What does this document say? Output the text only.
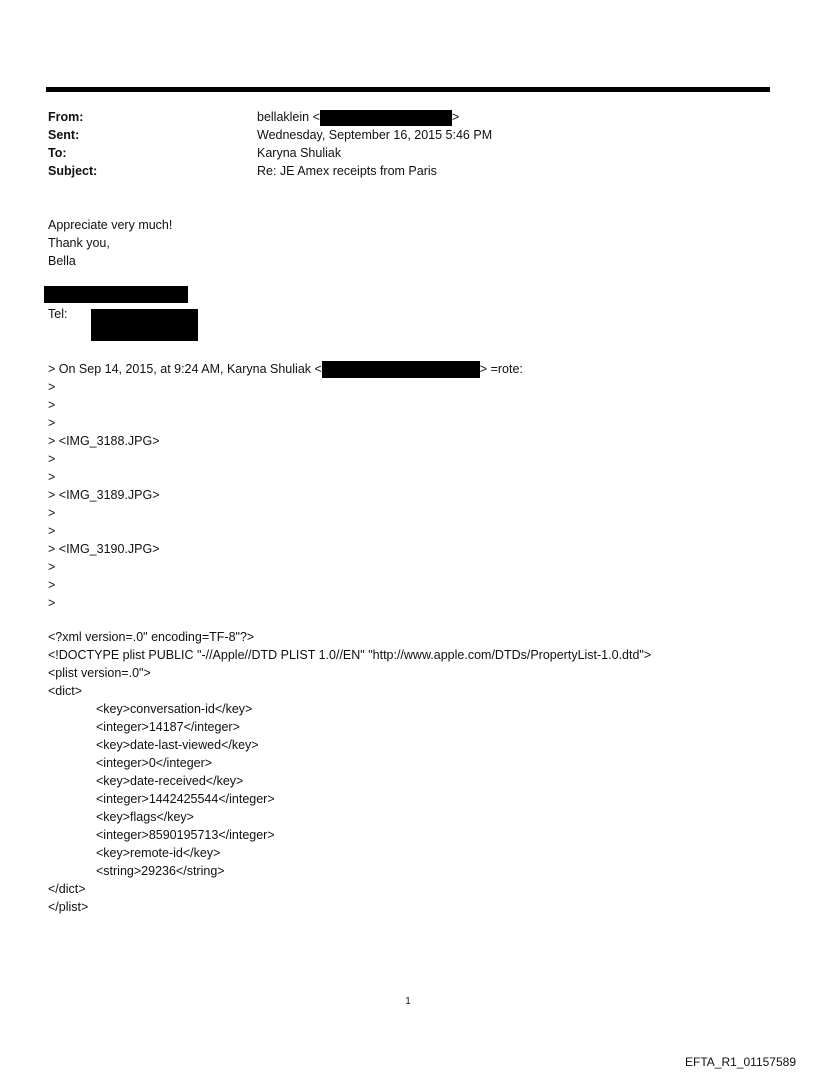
From:	bellaklein <	>
Sent:	Wednesday, September 16, 2015 5:46 PM
To:	Karyna Shuliak
Subject:	Re: JE Amex receipts from Paris
Appreciate very much!
Thank you,
Bella
Tel:
> On Sep 14, 2015, at 9:24 AM, Karyna Shuliak <	> =rote:
>
>
>
> <IMG_3188.JPG>
>
>
> <IMG_3189.JPG>
>
>
> <IMG_3190.JPG>
>
>
>
<?xml version=.0" encoding=TF-8"?>
<!DOCTYPE plist PUBLIC "-//Apple//DTD PLIST 1.0//EN" "http://www.apple.com/DTDs/PropertyList-1.0.dtd">
<plist version=.0">
<dict>
<key>conversation-id</key>
<integer>14187</integer>
<key>date-last-viewed</key>
<integer>0</integer>
<key>date-received</key>
<integer>1442425544</integer>
<key>flags</key>
<integer>8590195713</integer>
<key>remote-id</key>
<string>29236</string>
</dict>
</plist>
1
EFTA_R1_01157589
